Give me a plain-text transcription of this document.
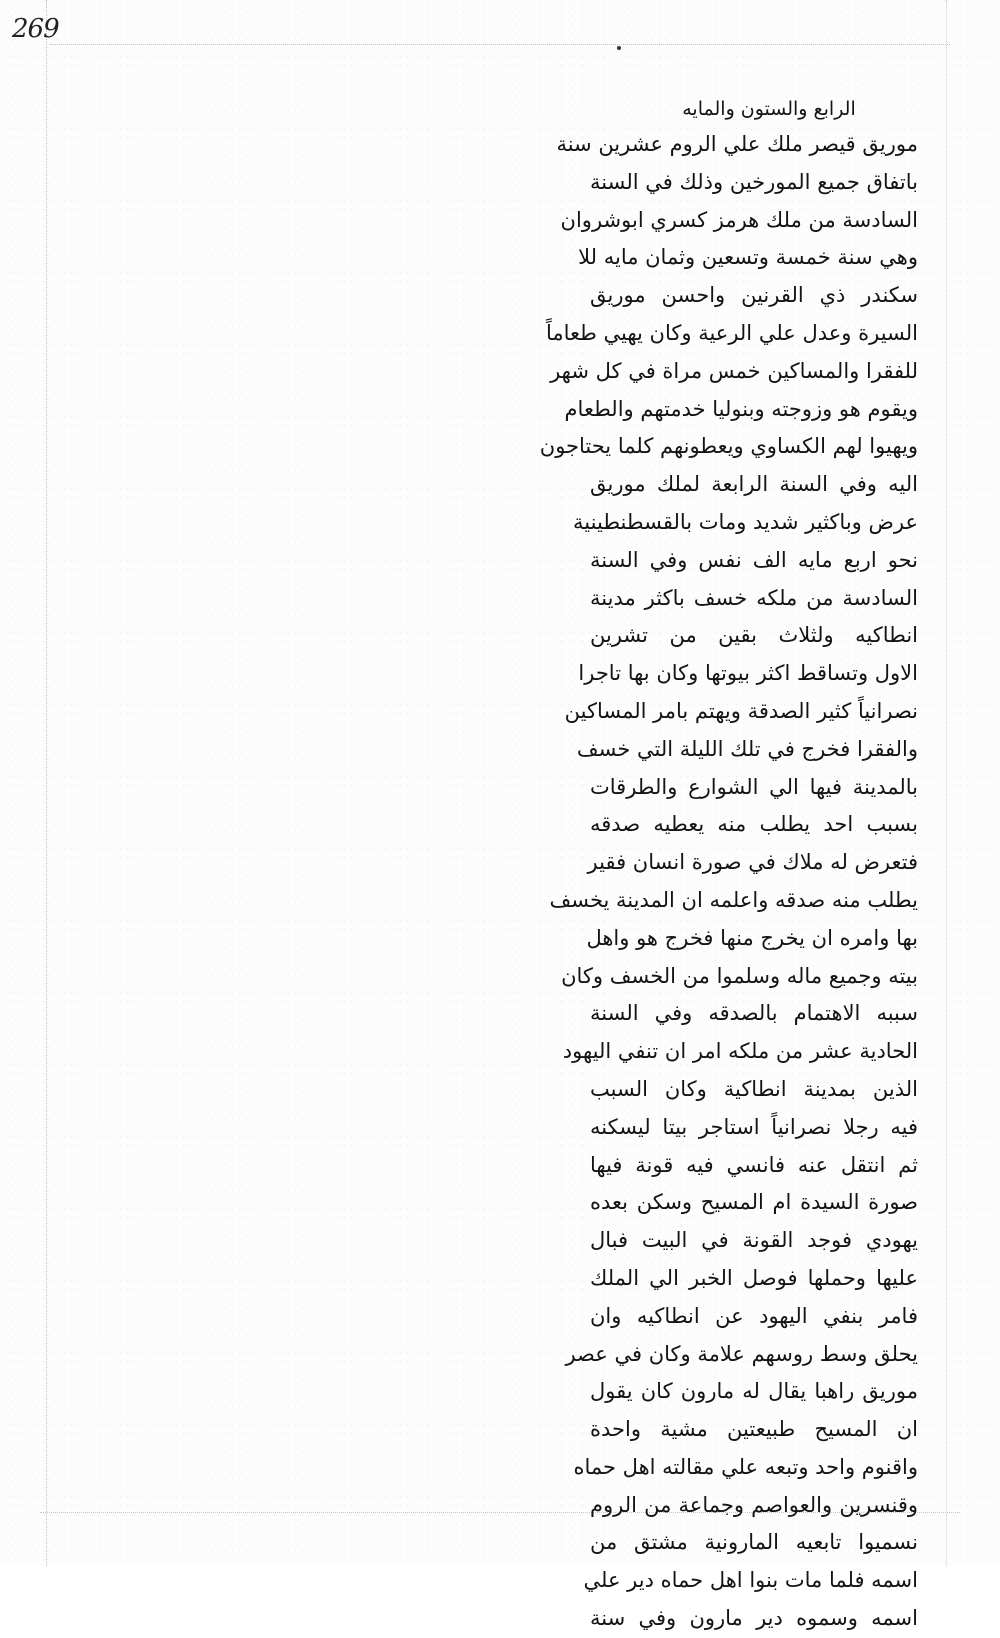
269
الرابع والستون والمايه
موريق قيصر ملك علي الروم عشرين سنة
باتفاق جميع المورخين وذلك في السنة
السادسة من ملك هرمز كسري ابوشروان
وهي سنة خمسة وتسعين وثمان مايه للا
سكندر ذي القرنين واحسن موريق
السيرة وعدل علي الرعية وكان يهيي طعاماً
للفقرا والمساكين خمس مراة في كل شهر
ويقوم هو وزوجته وبنوليا خدمتهم والطعام
ويهيوا لهم الكساوي ويعطونهم كلما يحتاجون
اليه وفي السنة الرابعة لملك موريق
عرض وباكثير شديد ومات بالقسطنطينية
نحو اربع مايه الف نفس وفي السنة
السادسة من ملكه خسف باكثر مدينة
انطاكيه ولثلاث بقين من تشرين
الاول وتساقط اكثر بيوتها وكان بها تاجرا
نصرانياً كثير الصدقة ويهتم بامر المساكين
والفقرا فخرج في تلك الليلة التي خسف
بالمدينة فيها الي الشوارع والطرقات
بسبب احد يطلب منه يعطيه صدقه
فتعرض له ملاك في صورة انسان فقير
يطلب منه صدقه واعلمه ان المدينة يخسف
بها وامره ان يخرج منها فخرج هو واهل
بيته وجميع ماله وسلموا من الخسف وكان
سببه الاهتمام بالصدقه وفي السنة
الحادية عشر من ملكه امر ان تنفي اليهود
الذين بمدينة انطاكية وكان السبب
فيه رجلا نصرانياً استاجر بيتا ليسكنه
ثم انتقل عنه فانسي فيه قونة فيها
صورة السيدة ام المسيح وسكن بعده
يهودي فوجد القونة في البيت فبال
عليها وحملها فوصل الخبر الي الملك
فامر بنفي اليهود عن انطاكيه وان
يحلق وسط روسهم علامة وكان في عصر
موريق راهبا يقال له مارون كان يقول
ان المسيح طبيعتين مشية واحدة
واقنوم واحد وتبعه علي مقالته اهل حماه
وقنسرين والعواصم وجماعة من الروم
نسميوا تابعيه المارونية مشتق من
اسمه فلما مات بنوا اهل حماه دير علي
اسمه وسموه دير مارون وفي سنة
